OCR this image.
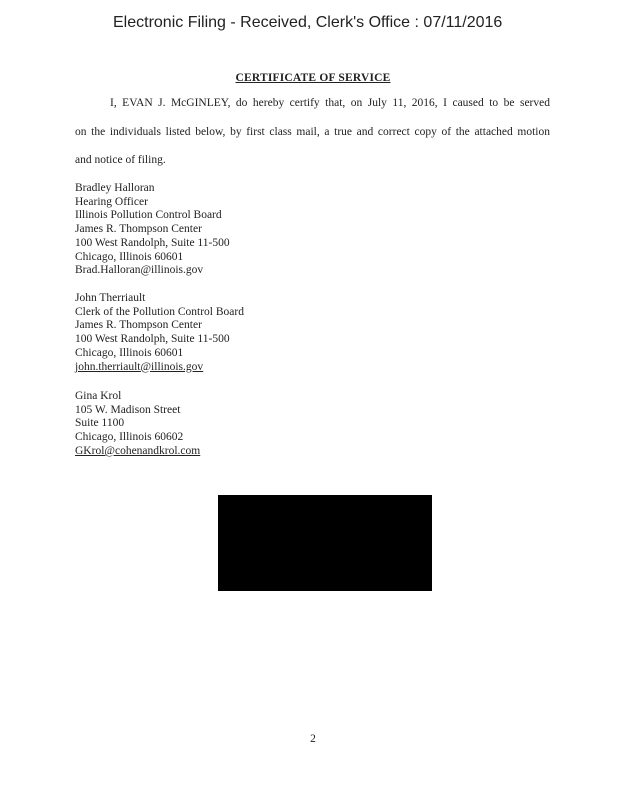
Electronic Filing - Received, Clerk's Office : 07/11/2016
CERTIFICATE OF SERVICE
I, EVAN J. McGINLEY, do hereby certify that, on July 11, 2016, I caused to be served
on the individuals listed below, by first class mail, a true and correct copy of the attached motion
and notice of filing.
Bradley Halloran
Hearing Officer
Illinois Pollution Control Board
James R. Thompson Center
100 West Randolph, Suite 11-500
Chicago, Illinois 60601
Brad.Halloran@illinois.gov
John Therriault
Clerk of the Pollution Control Board
James R. Thompson Center
100 West Randolph, Suite 11-500
Chicago, Illinois 60601
john.therriault@illinois.gov
Gina Krol
105 W. Madison Street
Suite 1100
Chicago, Illinois 60602
GKrol@cohenandkrol.com
2
